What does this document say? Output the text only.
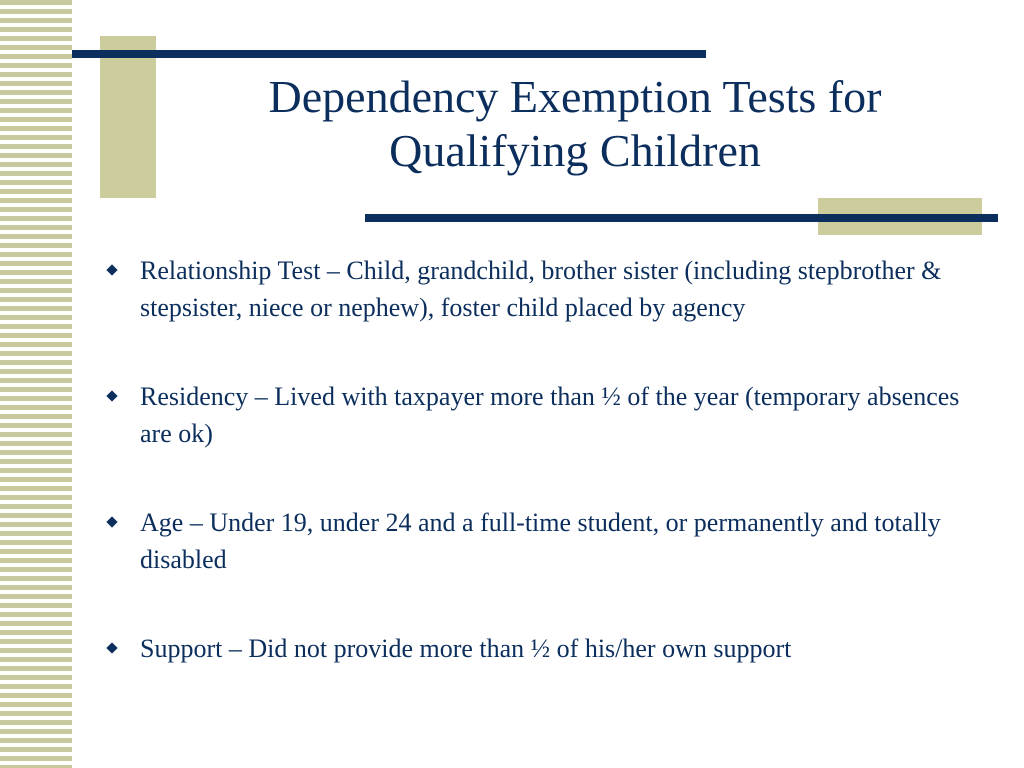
Dependency Exemption Tests for
Qualifying Children
Relationship Test – Child, grandchild, brother sister (including stepbrother & stepsister, niece or nephew), foster child placed by agency
Residency – Lived with taxpayer more than ½ of the year (temporary absences are ok)
Age – Under 19, under 24 and a full-time student, or permanently and totally disabled
Support – Did not provide more than ½ of his/her own support
